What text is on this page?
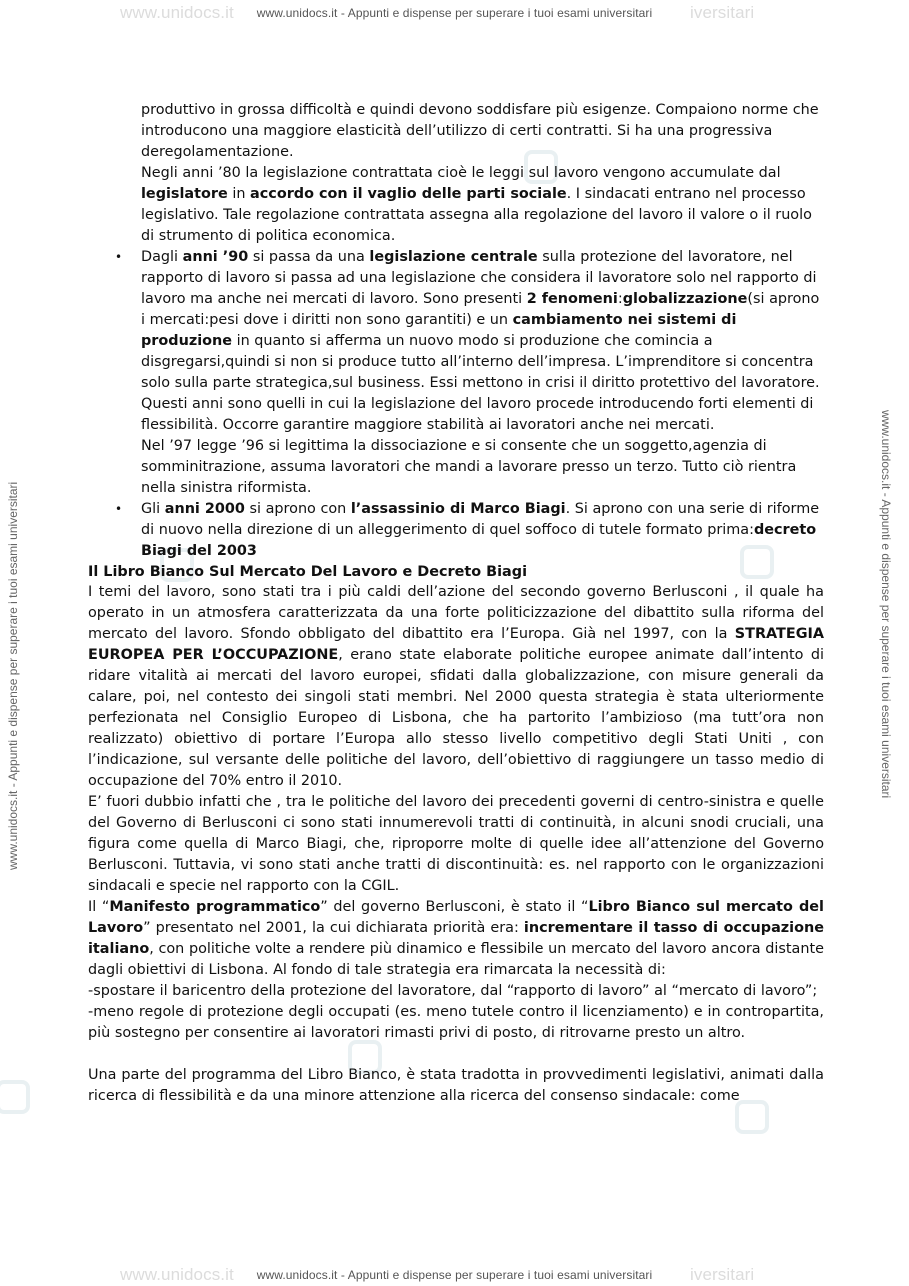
www.unidocs.it www.unidocs.it - Appunti e dispense per superare i tuoi esami universitari iversitari
www.unidocs.it - Appunti e dispense per superare i tuoi esami universitari	www.unidocs.it - Appunti e dispense per superare i tuoi esami universitari

produttivo in grossa difficoltà e quindi devono soddisfare più esigenze. Compaiono norme che introducono una maggiore elasticità dell’utilizzo di certi contratti. Si ha una progressiva deregolamentazione.

Negli anni ’80 la legislazione contrattata cioè le leggi sul lavoro vengono accumulate dal legislatore in accordo con il vaglio delle parti sociale. I sindacati entrano nel processo legislativo. Tale regolazione contrattata assegna alla regolazione del lavoro il valore o il ruolo di strumento di politica economica.

• Dagli anni ’90 si passa da una legislazione centrale sulla protezione del lavoratore, nel rapporto di lavoro si passa ad una legislazione che considera il lavoratore solo nel rapporto di lavoro ma anche nei mercati di lavoro. Sono presenti 2 fenomeni:globalizzazione(si aprono i mercati:pesi dove i diritti non sono garantiti) e un cambiamento nei sistemi di produzione in quanto si afferma un nuovo modo si produzione che comincia a disgregarsi,quindi si non si produce tutto all’interno dell’impresa. L’imprenditore si concentra solo sulla parte strategica,sul business. Essi mettono in crisi il diritto protettivo del lavoratore. Questi anni sono quelli in cui la legislazione del lavoro procede introducendo forti elementi di flessibilità. Occorre garantire maggiore stabilità ai lavoratori anche nei mercati.

Nel ’97 legge ’96 si legittima la dissociazione e si consente che un soggetto,agenzia di somminitrazione, assuma lavoratori che mandi a lavorare presso un terzo. Tutto ciò rientra nella sinistra riformista.

• Gli anni 2000 si aprono con l’assassinio di Marco Biagi. Si aprono con una serie di riforme di nuovo nella direzione di un alleggerimento di quel soffoco di tutele formato prima:decreto Biagi del 2003

Il Libro Bianco Sul Mercato Del Lavoro e Decreto Biagi

I temi del lavoro, sono stati tra i più caldi dell’azione del secondo governo Berlusconi , il quale ha operato in un atmosfera caratterizzata da una forte politicizzazione del dibattito sulla riforma del mercato del lavoro. Sfondo obbligato del dibattito era l’Europa. Già nel 1997, con la STRATEGIA EUROPEA PER L’OCCUPAZIONE, erano state elaborate politiche europee animate dall’intento di ridare vitalità ai mercati del lavoro europei, sfidati dalla globalizzazione, con misure generali da calare, poi, nel contesto dei singoli stati membri. Nel 2000 questa strategia è stata ulteriormente perfezionata nel Consiglio Europeo di Lisbona, che ha partorito l’ambizioso (ma tutt’ora non realizzato) obiettivo di portare l’Europa allo stesso livello competitivo degli Stati Uniti , con l’indicazione, sul versante delle politiche del lavoro, dell’obiettivo di raggiungere un tasso medio di occupazione del 70% entro il 2010.

E’ fuori dubbio infatti che , tra le politiche del lavoro dei precedenti governi di centro-sinistra e quelle del Governo di Berlusconi ci sono stati innumerevoli tratti di continuità, in alcuni snodi cruciali, una figura come quella di Marco Biagi, che, riproporre molte di quelle idee all’attenzione del Governo Berlusconi. Tuttavia, vi sono stati anche tratti di discontinuità: es. nel rapporto con le organizzazioni sindacali e specie nel rapporto con la CGIL.

Il “Manifesto programmatico” del governo Berlusconi, è stato il “Libro Bianco sul mercato del Lavoro” presentato nel 2001, la cui dichiarata priorità era: incrementare il tasso di occupazione italiano, con politiche volte a rendere più dinamico e flessibile un mercato del lavoro ancora distante dagli obiettivi di Lisbona. Al fondo di tale strategia era rimarcata la necessità di:

-spostare il baricentro della protezione del lavoratore, dal “rapporto di lavoro” al “mercato di lavoro”;

-meno regole di protezione degli occupati (es. meno tutele contro il licenziamento) e in contropartita, più sostegno per consentire ai lavoratori rimasti privi di posto, di ritrovarne presto un altro.

Una parte del programma del Libro Bianco, è stata tradotta in provvedimenti legislativi, animati dalla ricerca di flessibilità e da una minore attenzione alla ricerca del consenso sindacale: come

www.unidocs.it www.unidocs.it - Appunti e dispense per superare i tuoi esami universitari iversitari
